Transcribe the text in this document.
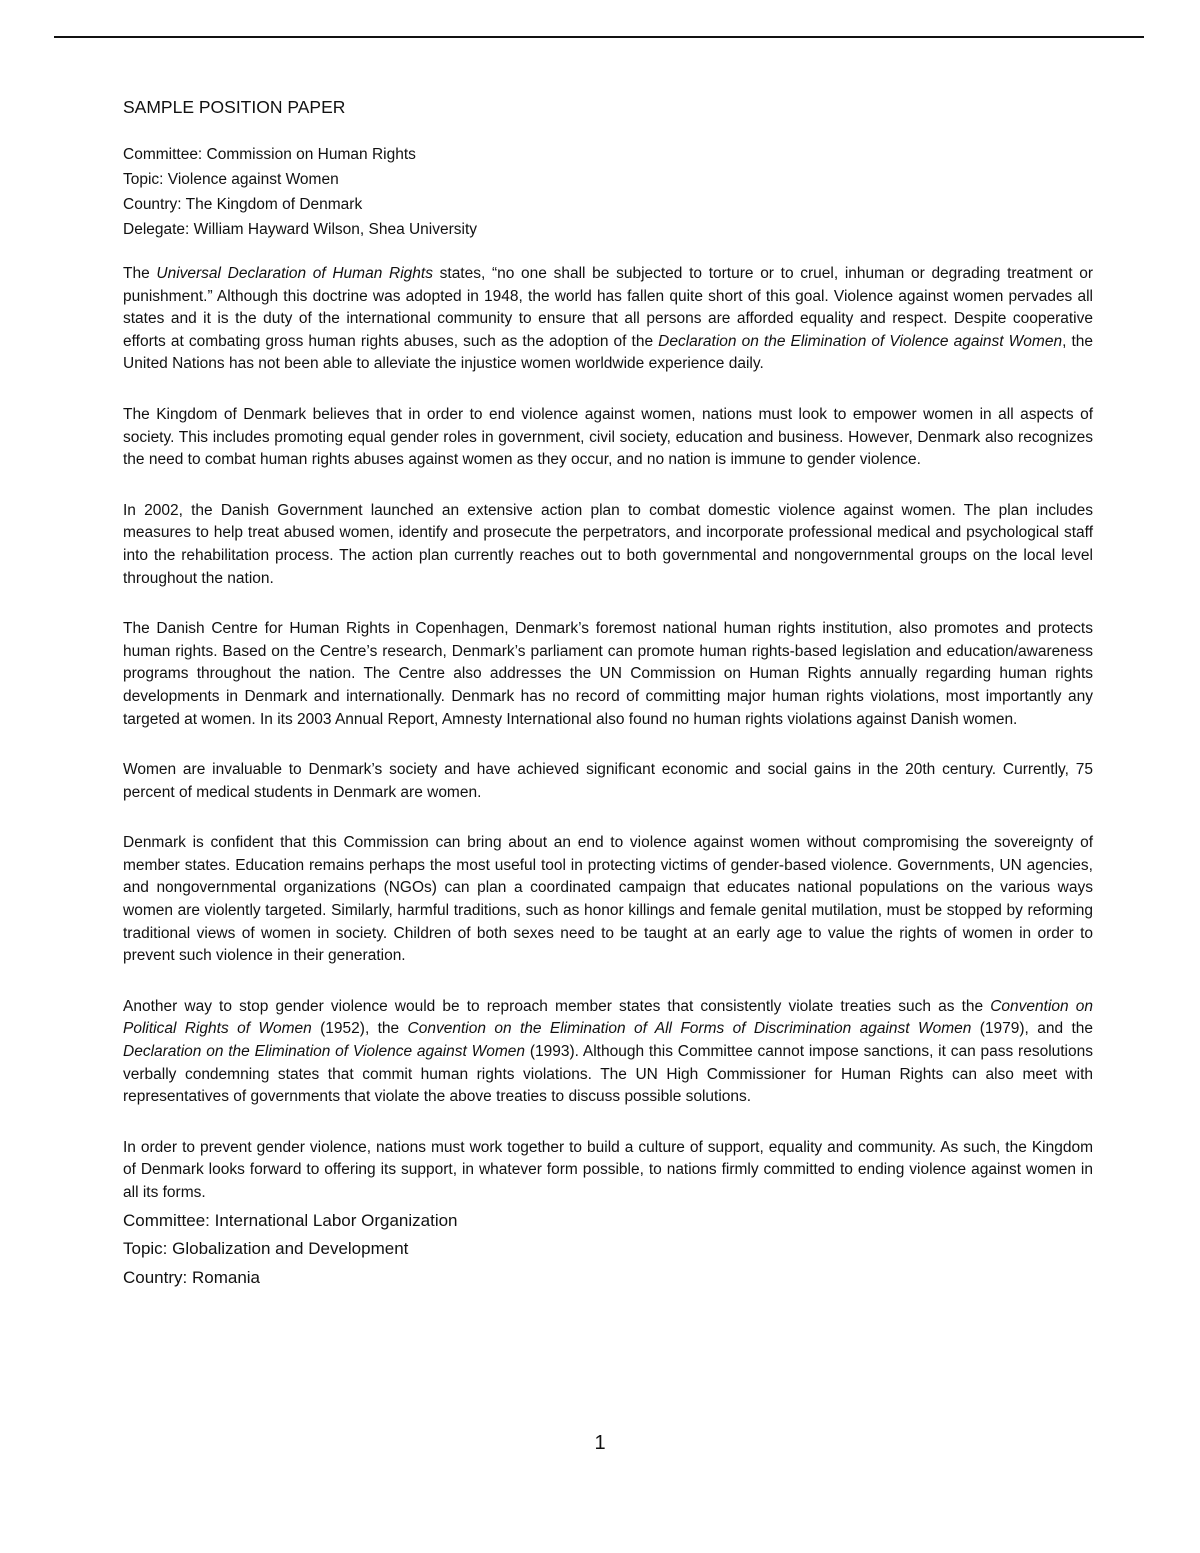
SAMPLE POSITION PAPER
Committee: Commission on Human Rights
Topic: Violence against Women
Country: The Kingdom of Denmark
Delegate: William Hayward Wilson, Shea University

The Universal Declaration of Human Rights states, “no one shall be subjected to torture or to cruel, inhuman or degrading treatment or punishment.” Although this doctrine was adopted in 1948, the world has fallen quite short of this goal. Violence against women pervades all states and it is the duty of the international community to ensure that all persons are afforded equality and respect. Despite cooperative efforts at combating gross human rights abuses, such as the adoption of the Declaration on the Elimination of Violence against Women, the United Nations has not been able to alleviate the injustice women worldwide experience daily.

The Kingdom of Denmark believes that in order to end violence against women, nations must look to empower women in all aspects of society. This includes promoting equal gender roles in government, civil society, education and business. However, Denmark also recognizes the need to combat human rights abuses against women as they occur, and no nation is immune to gender violence.

In 2002, the Danish Government launched an extensive action plan to combat domestic violence against women. The plan includes measures to help treat abused women, identify and prosecute the perpetrators, and incorporate professional medical and psychological staff into the rehabilitation process. The action plan currently reaches out to both governmental and nongovernmental groups on the local level throughout the nation.

The Danish Centre for Human Rights in Copenhagen, Denmark’s foremost national human rights institution, also promotes and protects human rights. Based on the Centre’s research, Denmark’s parliament can promote human rights-based legislation and education/awareness programs throughout the nation. The Centre also addresses the UN Commission on Human Rights annually regarding human rights developments in Denmark and internationally. Denmark has no record of committing major human rights violations, most importantly any targeted at women. In its 2003 Annual Report, Amnesty International also found no human rights violations against Danish women.

Women are invaluable to Denmark’s society and have achieved significant economic and social gains in the 20th century. Currently, 75 percent of medical students in Denmark are women.

Denmark is confident that this Commission can bring about an end to violence against women without compromising the sovereignty of member states. Education remains perhaps the most useful tool in protecting victims of gender-based violence. Governments, UN agencies, and nongovernmental organizations (NGOs) can plan a coordinated campaign that educates national populations on the various ways women are violently targeted. Similarly, harmful traditions, such as honor killings and female genital mutilation, must be stopped by reforming traditional views of women in society. Children of both sexes need to be taught at an early age to value the rights of women in order to prevent such violence in their generation.

Another way to stop gender violence would be to reproach member states that consistently violate treaties such as the Convention on Political Rights of Women (1952), the Convention on the Elimination of All Forms of Discrimination against Women (1979), and the Declaration on the Elimination of Violence against Women (1993). Although this Committee cannot impose sanctions, it can pass resolutions verbally condemning states that commit human rights violations. The UN High Commissioner for Human Rights can also meet with representatives of governments that violate the above treaties to discuss possible solutions.

In order to prevent gender violence, nations must work together to build a culture of support, equality and community. As such, the Kingdom of Denmark looks forward to offering its support, in whatever form possible, to nations firmly committed to ending violence against women in all its forms.

Committee: International Labor Organization
Topic: Globalization and Development
Country: Romania
1
